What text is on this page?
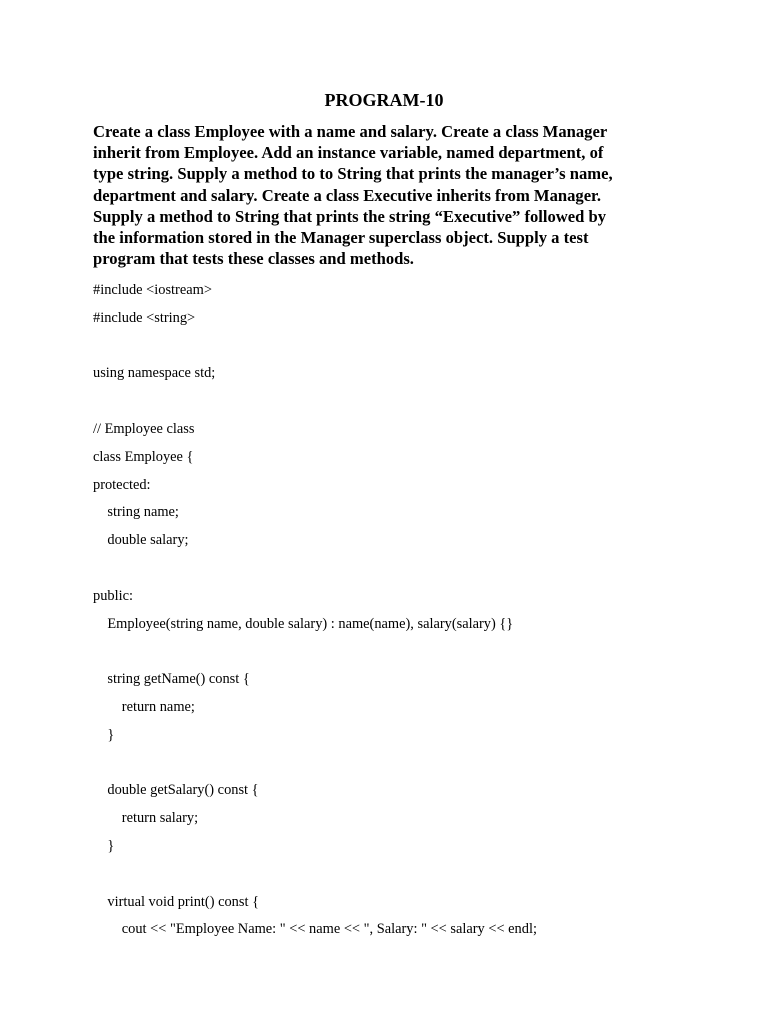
PROGRAM-10
Create a class Employee with a name and salary. Create a class Manager
inherit from Employee. Add an instance variable, named department, of
type string. Supply a method to to String that prints the manager’s name,
department and salary. Create a class Executive inherits from Manager.
Supply a method to String that prints the string “Executive” followed by
the information stored in the Manager superclass object. Supply a test
program that tests these classes and methods.
#include <iostream>
#include <string>
using namespace std;
// Employee class
class Employee {
protected:
string name;
double salary;
public:
Employee(string name, double salary) : name(name), salary(salary) {}
string getName() const {
return name;
}
double getSalary() const {
return salary;
}
virtual void print() const {
cout << "Employee Name: " << name << ", Salary: " << salary << endl;
